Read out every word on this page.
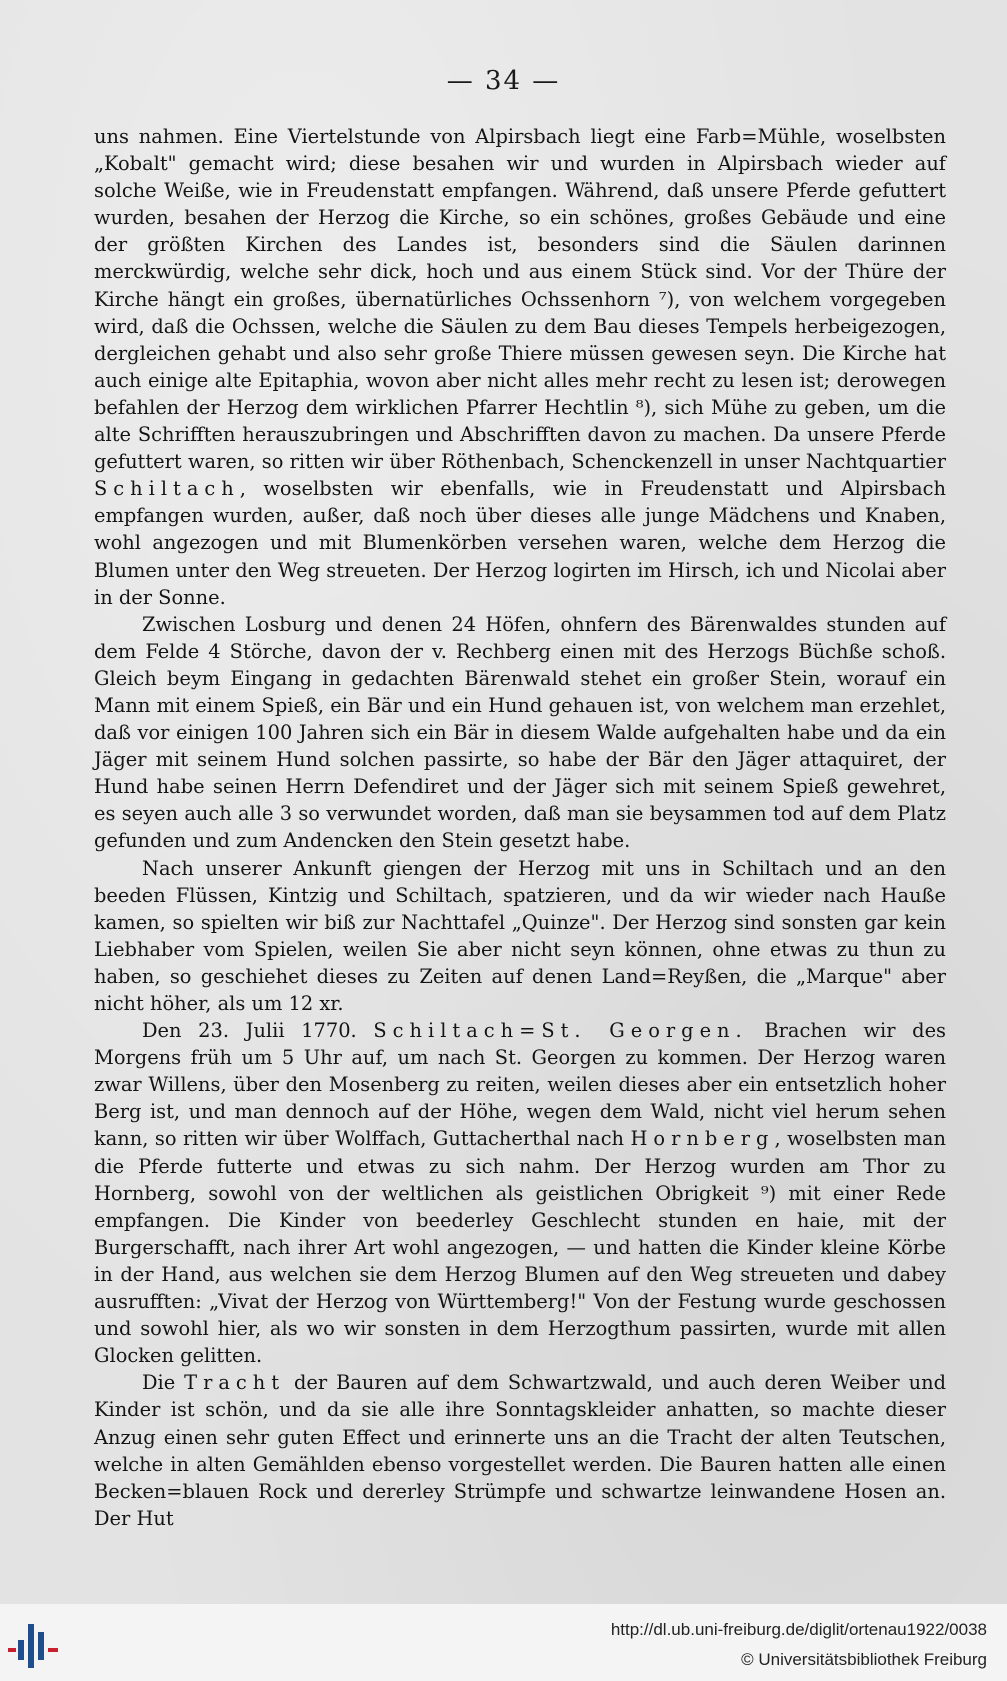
— 34 —

uns nahmen. Eine Viertelstunde von Alpirsbach liegt eine Farb=Mühle, woselbsten „Kobalt" gemacht wird; diese besahen wir und wurden in Alpirsbach wieder auf solche Weiße, wie in Freudenstatt empfangen. Während, daß unsere Pferde gefuttert wurden, besahen der Herzog die Kirche, so ein schönes, großes Gebäude und eine der größten Kirchen des Landes ist, besonders sind die Säulen darinnen merckwürdig, welche sehr dick, hoch und aus einem Stück sind. Vor der Thüre der Kirche hängt ein großes, übernatürliches Ochssenhorn ⁷), von welchem vorgegeben wird, daß die Ochssen, welche die Säulen zu dem Bau dieses Tempels herbeigezogen, dergleichen gehabt und also sehr große Thiere müssen gewesen seyn. Die Kirche hat auch einige alte Epitaphia, wovon aber nicht alles mehr recht zu lesen ist; derowegen befahlen der Herzog dem wirklichen Pfarrer Hechtlin ⁸), sich Mühe zu geben, um die alte Schrifften herauszubringen und Abschrifften davon zu machen. Da unsere Pferde gefuttert waren, so ritten wir über Röthenbach, Schenckenzell in unser Nachtquartier Schiltach, woselbsten wir ebenfalls, wie in Freudenstatt und Alpirsbach empfangen wurden, außer, daß noch über dieses alle junge Mädchens und Knaben, wohl angezogen und mit Blumenkörben versehen waren, welche dem Herzog die Blumen unter den Weg streueten. Der Herzog logirten im Hirsch, ich und Nicolai aber in der Sonne.

Zwischen Losburg und denen 24 Höfen, ohnfern des Bärenwaldes stunden auf dem Felde 4 Störche, davon der v. Rechberg einen mit des Herzogs Büchße schoß. Gleich beym Eingang in gedachten Bärenwald stehet ein großer Stein, worauf ein Mann mit einem Spieß, ein Bär und ein Hund gehauen ist, von welchem man erzehlet, daß vor einigen 100 Jahren sich ein Bär in diesem Walde aufgehalten habe und da ein Jäger mit seinem Hund solchen passirte, so habe der Bär den Jäger attaquiret, der Hund habe seinen Herrn Defendiret und der Jäger sich mit seinem Spieß gewehret, es seyen auch alle 3 so verwundet worden, daß man sie beysammen tod auf dem Platz gefunden und zum Andencken den Stein gesetzt habe.

Nach unserer Ankunft giengen der Herzog mit uns in Schiltach und an den beeden Flüssen, Kintzig und Schiltach, spatzieren, und da wir wieder nach Hauße kamen, so spielten wir biß zur Nachttafel „Quinze". Der Herzog sind sonsten gar kein Liebhaber vom Spielen, weilen Sie aber nicht seyn können, ohne etwas zu thun zu haben, so geschiehet dieses zu Zeiten auf denen Land=Reyßen, die „Marque" aber nicht höher, als um 12 xr.

Den 23. Julii 1770. Schiltach=St. Georgen. Brachen wir des Morgens früh um 5 Uhr auf, um nach St. Georgen zu kommen. Der Herzog waren zwar Willens, über den Mosenberg zu reiten, weilen dieses aber ein entsetzlich hoher Berg ist, und man dennoch auf der Höhe, wegen dem Wald, nicht viel herum sehen kann, so ritten wir über Wolffach, Guttacherthal nach Hornberg, woselbsten man die Pferde futterte und etwas zu sich nahm. Der Herzog wurden am Thor zu Hornberg, sowohl von der weltlichen als geistlichen Obrigkeit ⁹) mit einer Rede empfangen. Die Kinder von beederley Geschlecht stunden en haie, mit der Burgerschafft, nach ihrer Art wohl angezogen, — und hatten die Kinder kleine Körbe in der Hand, aus welchen sie dem Herzog Blumen auf den Weg streueten und dabey ausrufften: „Vivat der Herzog von Württemberg!" Von der Festung wurde geschossen und sowohl hier, als wo wir sonsten in dem Herzogthum passirten, wurde mit allen Glocken gelitten.

Die Tracht der Bauren auf dem Schwartzwald, und auch deren Weiber und Kinder ist schön, und da sie alle ihre Sonntagskleider anhatten, so machte dieser Anzug einen sehr guten Effect und erinnerte uns an die Tracht der alten Teutschen, welche in alten Gemählden ebenso vorgestellet werden. Die Bauren hatten alle einen Becken=blauen Rock und dererley Strümpfe und schwartze leinwandene Hosen an. Der Hut

http://dl.ub.uni-freiburg.de/diglit/ortenau1922/0038
© Universitätsbibliothek Freiburg
